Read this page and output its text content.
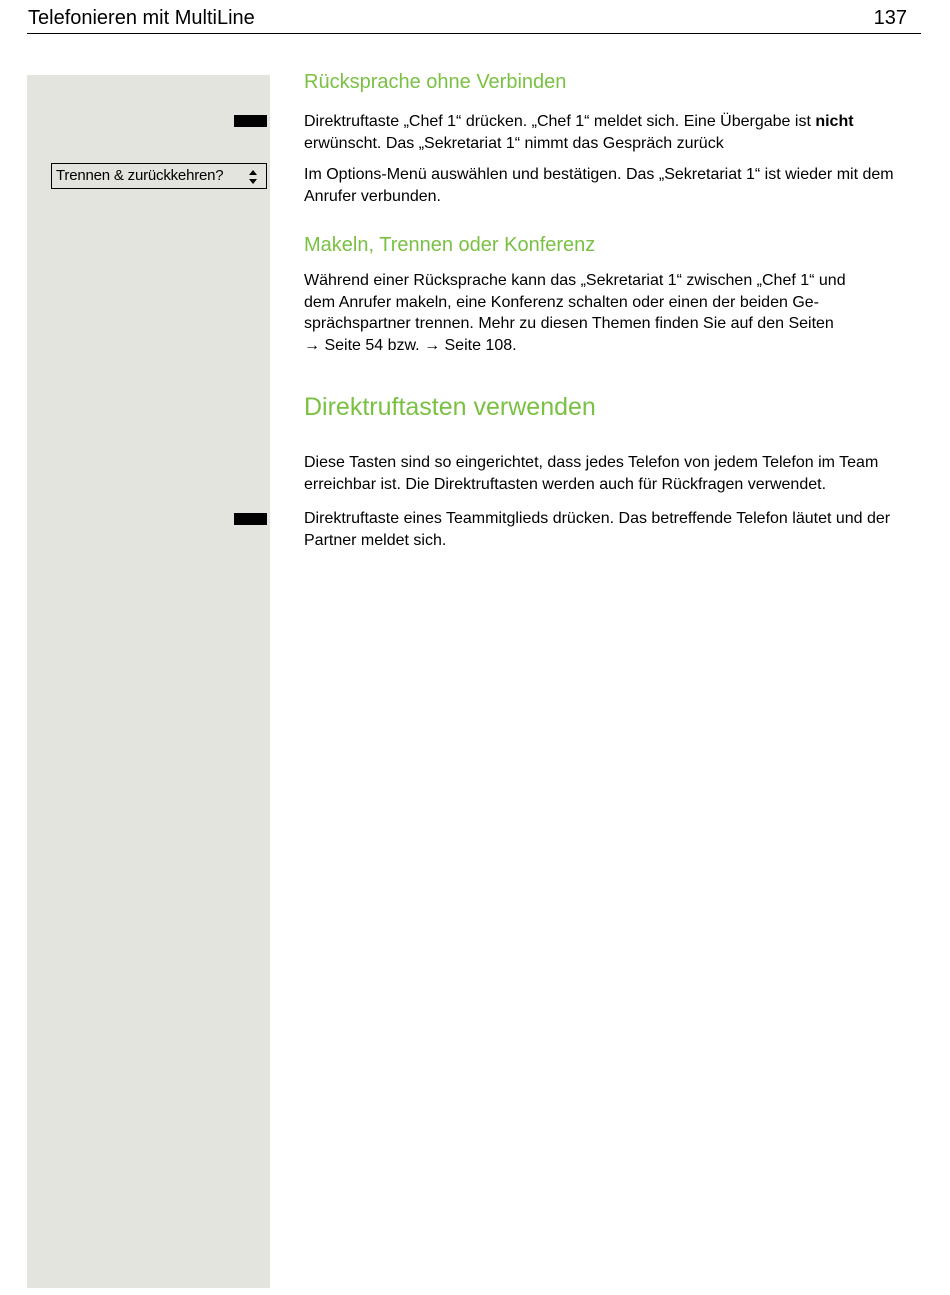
Telefonieren mit MultiLine	137
Trennen & zurückkehren?
Rücksprache ohne Verbinden
Direktruftaste „Chef 1“ drücken. „Chef 1“ meldet sich. Eine Übergabe ist nicht erwünscht. Das „Sekretariat 1“ nimmt das Gespräch zurück
Im Options-Menü auswählen und bestätigen. Das „Sekretariat 1“ ist wieder mit dem Anrufer verbunden.
Makeln, Trennen oder Konferenz
Während einer Rücksprache kann das „Sekretariat 1“ zwischen „Chef 1“ und
dem Anrufer makeln, eine Konferenz schalten oder einen der beiden Ge-
sprächspartner trennen. Mehr zu diesen Themen finden Sie auf den Seiten
→ Seite 54 bzw. → Seite 108.
Direktruftasten verwenden
Diese Tasten sind so eingerichtet, dass jedes Telefon von jedem Telefon im Team erreichbar ist. Die Direktruftasten werden auch für Rückfragen verwendet.
Direktruftaste eines Teammitglieds drücken. Das betreffende Telefon läutet und der Partner meldet sich.
